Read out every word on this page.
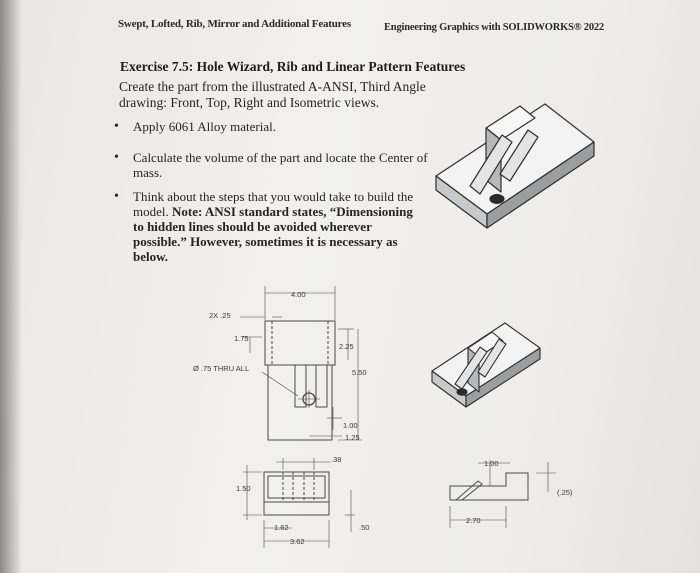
Swept, Lofted, Rib, Mirror and Additional Features	Engineering Graphics with SOLIDWORKS® 2022
Exercise 7.5: Hole Wizard, Rib and Linear Pattern Features
Create the part from the illustrated A-ANSI, Third Angle drawing: Front, Top, Right and Isometric views.
• Apply 6061 Alloy material.
• Calculate the volume of the part and locate the Center of mass.
• Think about the steps that you would take to build the model. Note: ANSI standard states, “Dimensioning to hidden lines should be avoided wherever possible.” However, sometimes it is necessary as below.
4.00
2X .25
1.75
2.25
5.50
Ø .75 THRU ALL
1.00
1.25
.38
1.50
1.62
3.62
.50
1.00
(.25)
2.70
